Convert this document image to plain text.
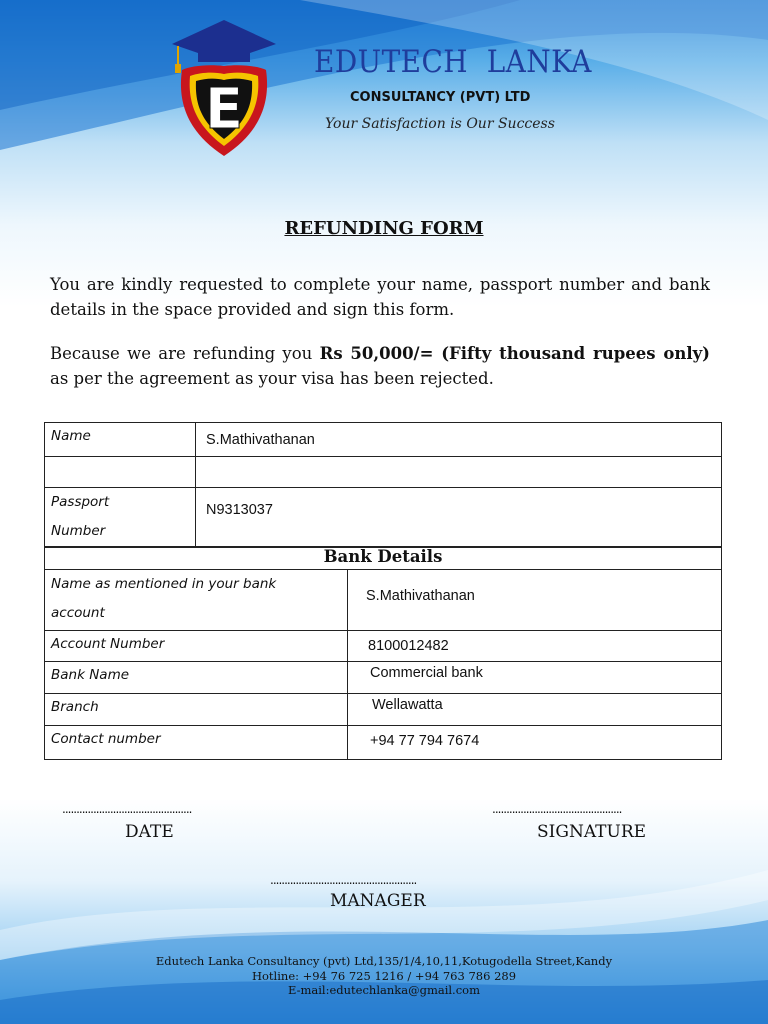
E
EDUTECH  LANKA
CONSULTANCY (PVT) LTD
Your Satisfaction is Our Success
REFUNDING FORM

You are kindly requested to complete your name, passport number and bank details in the space provided and sign this form.

Because we are refunding you Rs 50,000/= (Fifty thousand rupees only) as per the agreement as your visa has been rejected.

Name	S.Mathivathanan

Passport
Number	N9313037
Bank Details	

Name as mentioned in your bank
account	S.Mathivathanan
Account Number	8100012482
Bank Name	Commercial bank
Branch	Wellawatta
Contact number	+94 77 794 7674
..............................................
DATE
..............................................
SIGNATURE
....................................................
MANAGER
Edutech Lanka Consultancy (pvt) Ltd,135/1/4,10,11,Kotugodella Street,Kandy
Hotline: +94 76 725 1216 / +94 763 786 289
E-mail:edutechlanka@gmail.com
